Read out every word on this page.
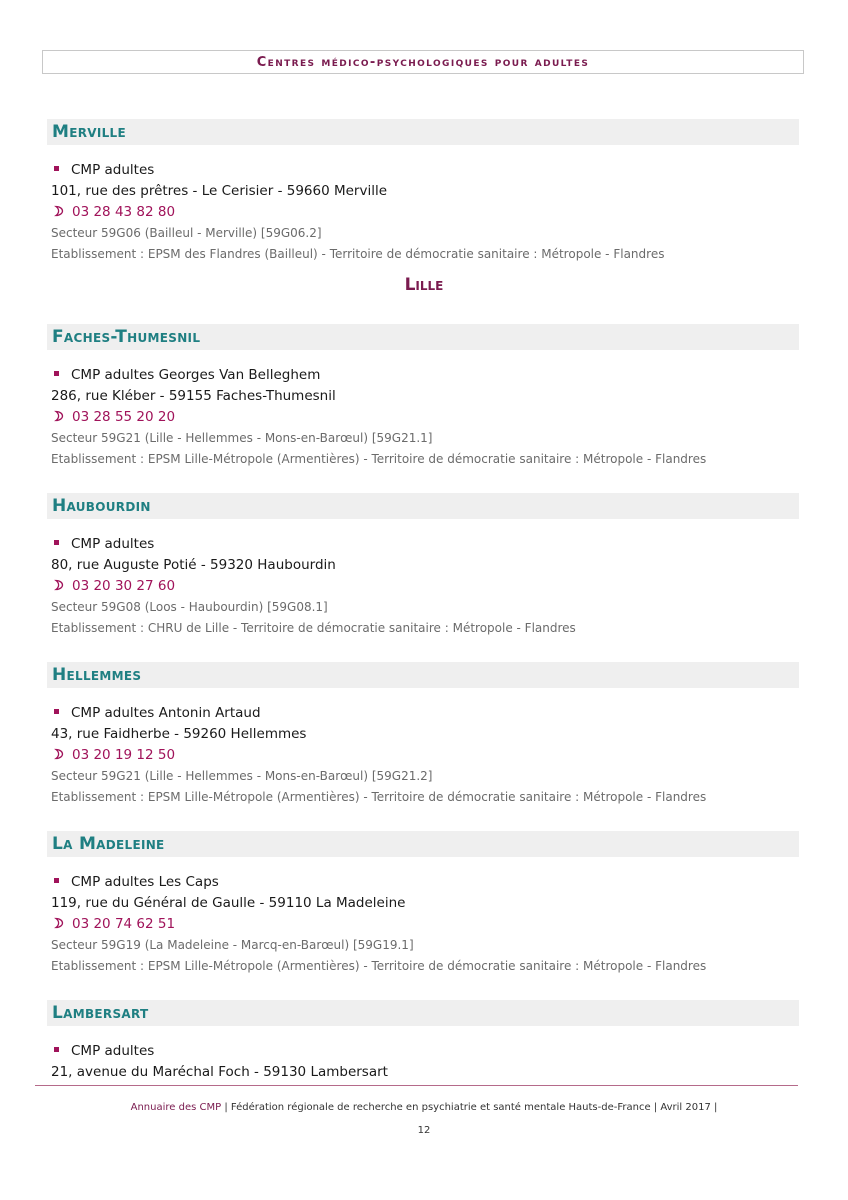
Centres médico-psychologiques pour adultes
Merville
CMP adultes
101, rue des prêtres - Le Cerisier - 59660 Merville
03 28 43 82 80
Secteur 59G06 (Bailleul - Merville) [59G06.2]
Etablissement : EPSM des Flandres (Bailleul) - Territoire de démocratie sanitaire : Métropole - Flandres
Lille
Faches-Thumesnil
CMP adultes Georges Van Belleghem
286, rue Kléber - 59155 Faches-Thumesnil
03 28 55 20 20
Secteur 59G21 (Lille - Hellemmes - Mons-en-Barœul) [59G21.1]
Etablissement : EPSM Lille-Métropole (Armentières) - Territoire de démocratie sanitaire : Métropole - Flandres
Haubourdin
CMP adultes
80, rue Auguste Potié - 59320 Haubourdin
03 20 30 27 60
Secteur 59G08 (Loos - Haubourdin) [59G08.1]
Etablissement : CHRU de Lille - Territoire de démocratie sanitaire : Métropole - Flandres
Hellemmes
CMP adultes Antonin Artaud
43, rue Faidherbe - 59260 Hellemmes
03 20 19 12 50
Secteur 59G21 (Lille - Hellemmes - Mons-en-Barœul) [59G21.2]
Etablissement : EPSM Lille-Métropole (Armentières) - Territoire de démocratie sanitaire : Métropole - Flandres
La Madeleine
CMP adultes Les Caps
119, rue du Général de Gaulle - 59110 La Madeleine
03 20 74 62 51
Secteur 59G19 (La Madeleine - Marcq-en-Barœul) [59G19.1]
Etablissement : EPSM Lille-Métropole (Armentières) - Territoire de démocratie sanitaire : Métropole - Flandres
Lambersart
CMP adultes
21, avenue du Maréchal Foch - 59130 Lambersart
Annuaire des CMP | Fédération régionale de recherche en psychiatrie et santé mentale Hauts-de-France | Avril 2017 |
12
